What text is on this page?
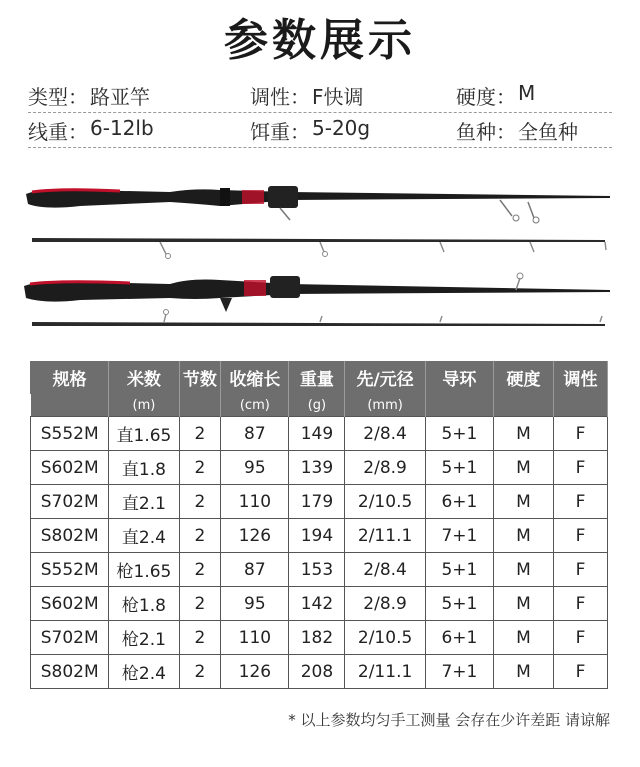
参数展示
类型： 路亚竿	调性： F快调	硬度： M
线重： 6-12lb	饵重： 5-20g	鱼种： 全鱼种
规格	米数	节数	收缩长	重量	先/元径	导环	硬度	调性
	(m)		(cm)	(g)	(mm)			
S552M	直1.65	2	87	149	2/8.4	5+1	M	F
S602M	直1.8	2	95	139	2/8.9	5+1	M	F
S702M	直2.1	2	110	179	2/10.5	6+1	M	F
S802M	直2.4	2	126	194	2/11.1	7+1	M	F
S552M	枪1.65	2	87	153	2/8.4	5+1	M	F
S602M	枪1.8	2	95	142	2/8.9	5+1	M	F
S702M	枪2.1	2	110	182	2/10.5	6+1	M	F
S802M	枪2.4	2	126	208	2/11.1	7+1	M	F
* 以上参数均匀手工测量 会存在少许差距 请谅解
